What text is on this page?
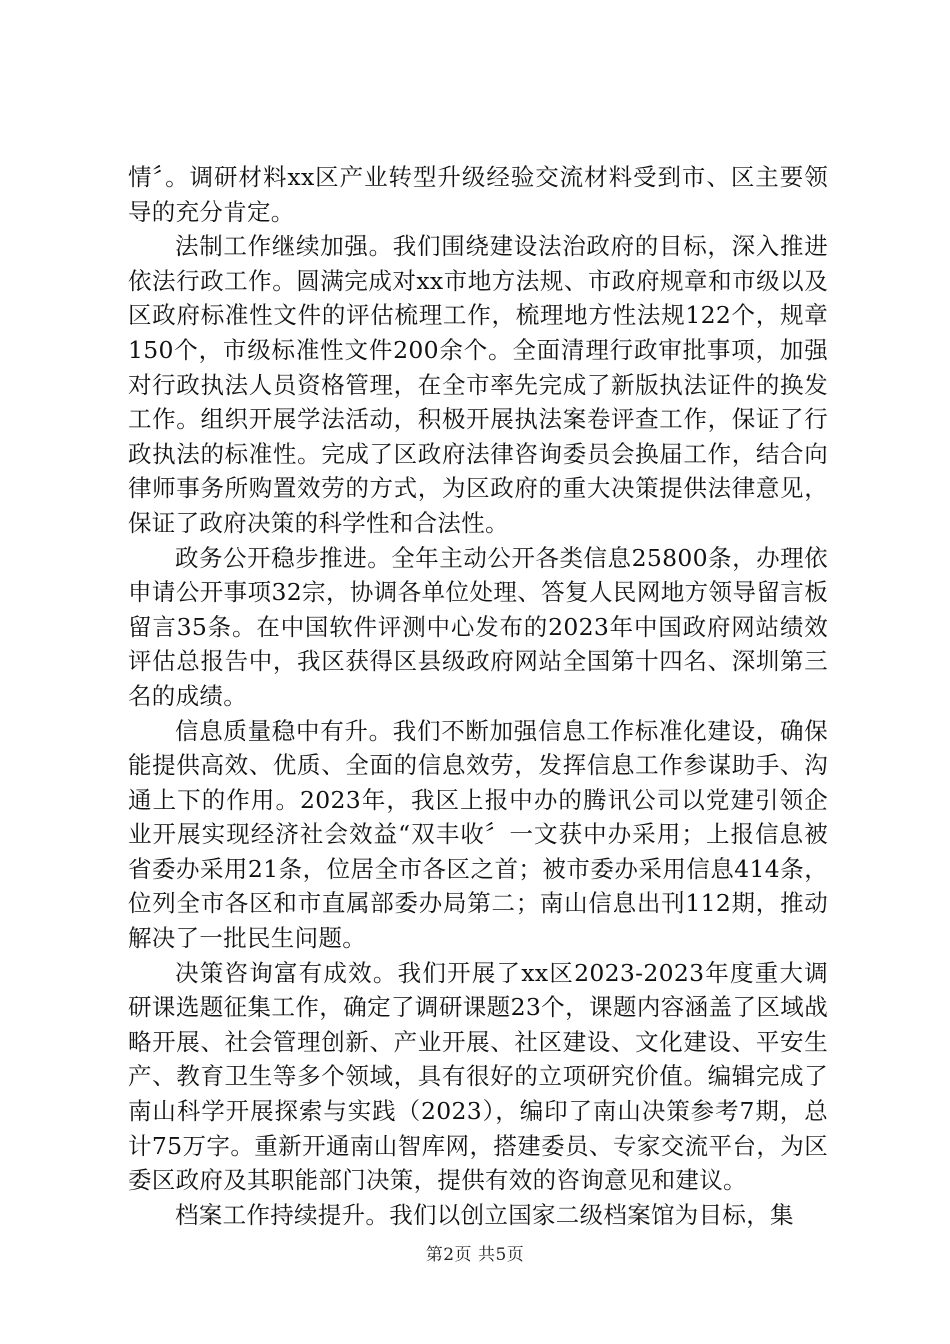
情〞。调研材料xx区产业转型升级经验交流材料受到市、区主要领导的充分肯定。

法制工作继续加强。我们围绕建设法治政府的目标，深入推进依法行政工作。圆满完成对xx市地方法规、市政府规章和市级以及区政府标准性文件的评估梳理工作，梳理地方性法规122个，规章150个，市级标准性文件200余个。全面清理行政审批事项，加强对行政执法人员资格管理，在全市率先完成了新版执法证件的换发工作。组织开展学法活动，积极开展执法案卷评查工作，保证了行政执法的标准性。完成了区政府法律咨询委员会换届工作，结合向律师事务所购置效劳的方式，为区政府的重大决策提供法律意见，保证了政府决策的科学性和合法性。

政务公开稳步推进。全年主动公开各类信息25800条，办理依申请公开事项32宗，协调各单位处理、答复人民网地方领导留言板留言35条。在中国软件评测中心发布的2023年中国政府网站绩效评估总报告中，我区获得区县级政府网站全国第十四名、深圳第三名的成绩。

信息质量稳中有升。我们不断加强信息工作标准化建设，确保能提供高效、优质、全面的信息效劳，发挥信息工作参谋助手、沟通上下的作用。2023年，我区上报中办的腾讯公司以党建引领企业开展实现经济社会效益“双丰收〞一文获中办采用；上报信息被省委办采用21条，位居全市各区之首；被市委办采用信息414条，位列全市各区和市直属部委办局第二；南山信息出刊112期，推动解决了一批民生问题。

决策咨询富有成效。我们开展了xx区2023-2023年度重大调研课选题征集工作，确定了调研课题23个，课题内容涵盖了区域战略开展、社会管理创新、产业开展、社区建设、文化建设、平安生产、教育卫生等多个领域，具有很好的立项研究价值。编辑完成了南山科学开展探索与实践（2023），编印了南山决策参考7期，总计75万字。重新开通南山智库网，搭建委员、专家交流平台，为区委区政府及其职能部门决策，提供有效的咨询意见和建议。

档案工作持续提升。我们以创立国家二级档案馆为目标，集

第2页 共5页
